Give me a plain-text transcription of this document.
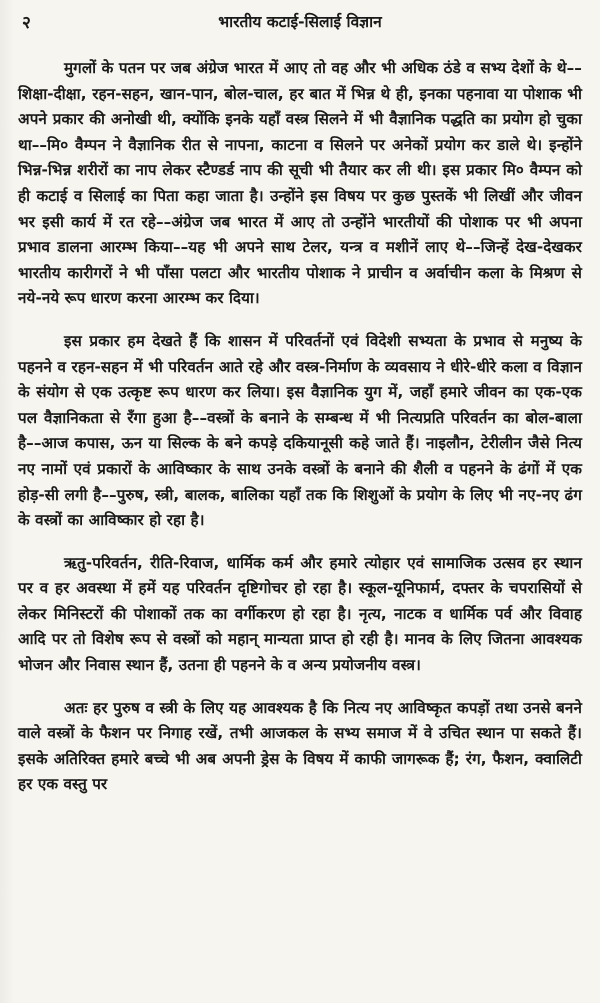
२	भारतीय कटाई-सिलाई विज्ञान

मुगलों के पतन पर जब अंग्रेज भारत में आए तो वह और भी अधिक ठंडे व सभ्य देशों के थे––शिक्षा-दीक्षा, रहन-सहन, खान-पान, बोल-चाल, हर बात में भिन्न थे ही, इनका पहनावा या पोशाक भी अपने प्रकार की अनोखी थी, क्योंकि इनके यहाँ वस्त्र सिलने में भी वैज्ञानिक पद्धति का प्रयोग हो चुका था––मि० वैम्पन ने वैज्ञानिक रीत से नापना, काटना व सिलने पर अनेकों प्रयोग कर डाले थे। इन्होंने भिन्न-भिन्न शरीरों का नाप लेकर स्टैण्डर्ड नाप की सूची भी तैयार कर ली थी। इस प्रकार मि० वैम्पन को ही कटाई व सिलाई का पिता कहा जाता है। उन्होंने इस विषय पर कुछ पुस्तकें भी लिखीं और जीवन भर इसी कार्य में रत रहे––अंग्रेज जब भारत में आए तो उन्होंने भारतीयों की पोशाक पर भी अपना प्रभाव डालना आरम्भ किया––यह भी अपने साथ टेलर, यन्त्र व मशीनें लाए थे––जिन्हें देख-देखकर भारतीय कारीगरों ने भी पाँसा पलटा और भारतीय पोशाक ने प्राचीन व अर्वाचीन कला के मिश्रण से नये-नये रूप धारण करना आरम्भ कर दिया।

इस प्रकार हम देखते हैं कि शासन में परिवर्तनों एवं विदेशी सभ्यता के प्रभाव से मनुष्य के पहनने व रहन-सहन में भी परिवर्तन आते रहे और वस्त्र-निर्माण के व्यवसाय ने धीरे-धीरे कला व विज्ञान के संयोग से एक उत्कृष्ट रूप धारण कर लिया। इस वैज्ञानिक युग में, जहाँ हमारे जीवन का एक-एक पल वैज्ञानिकता से रँगा हुआ है––वस्त्रों के बनाने के सम्बन्ध में भी नित्यप्रति परिवर्तन का बोल-बाला है––आज कपास, ऊन या सिल्क के बने कपड़े दकियानूसी कहे जाते हैं। नाइलौन, टेरीलीन जैसे नित्य नए नामों एवं प्रकारों के आविष्कार के साथ उनके वस्त्रों के बनाने की शैली व पहनने के ढंगों में एक होड़-सी लगी है––पुरुष, स्त्री, बालक, बालिका यहाँ तक कि शिशुओं के प्रयोग के लिए भी नए-नए ढंग के वस्त्रों का आविष्कार हो रहा है।

ऋतु-परिवर्तन, रीति-रिवाज, धार्मिक कर्म और हमारे त्योहार एवं सामाजिक उत्सव हर स्थान पर व हर अवस्था में हमें यह परिवर्तन दृष्टिगोचर हो रहा है। स्कूल-यूनिफार्म, दफ्तर के चपरासियों से लेकर मिनिस्टरों की पोशाकों तक का वर्गीकरण हो रहा है। नृत्य, नाटक व धार्मिक पर्व और विवाह आदि पर तो विशेष रूप से वस्त्रों को महान् मान्यता प्राप्त हो रही है। मानव के लिए जितना आवश्यक भोजन और निवास स्थान हैं, उतना ही पहनने के व अन्य प्रयोजनीय वस्त्र।

अतः हर पुरुष व स्त्री के लिए यह आवश्यक है कि नित्य नए आविष्कृत कपड़ों तथा उनसे बनने वाले वस्त्रों के फैशन पर निगाह रखें, तभी आजकल के सभ्य समाज में वे उचित स्थान पा सकते हैं। इसके अतिरिक्त हमारे बच्चे भी अब अपनी ड्रेस के विषय में काफी जागरूक हैं; रंग, फैशन, क्वालिटी हर एक वस्तु पर
